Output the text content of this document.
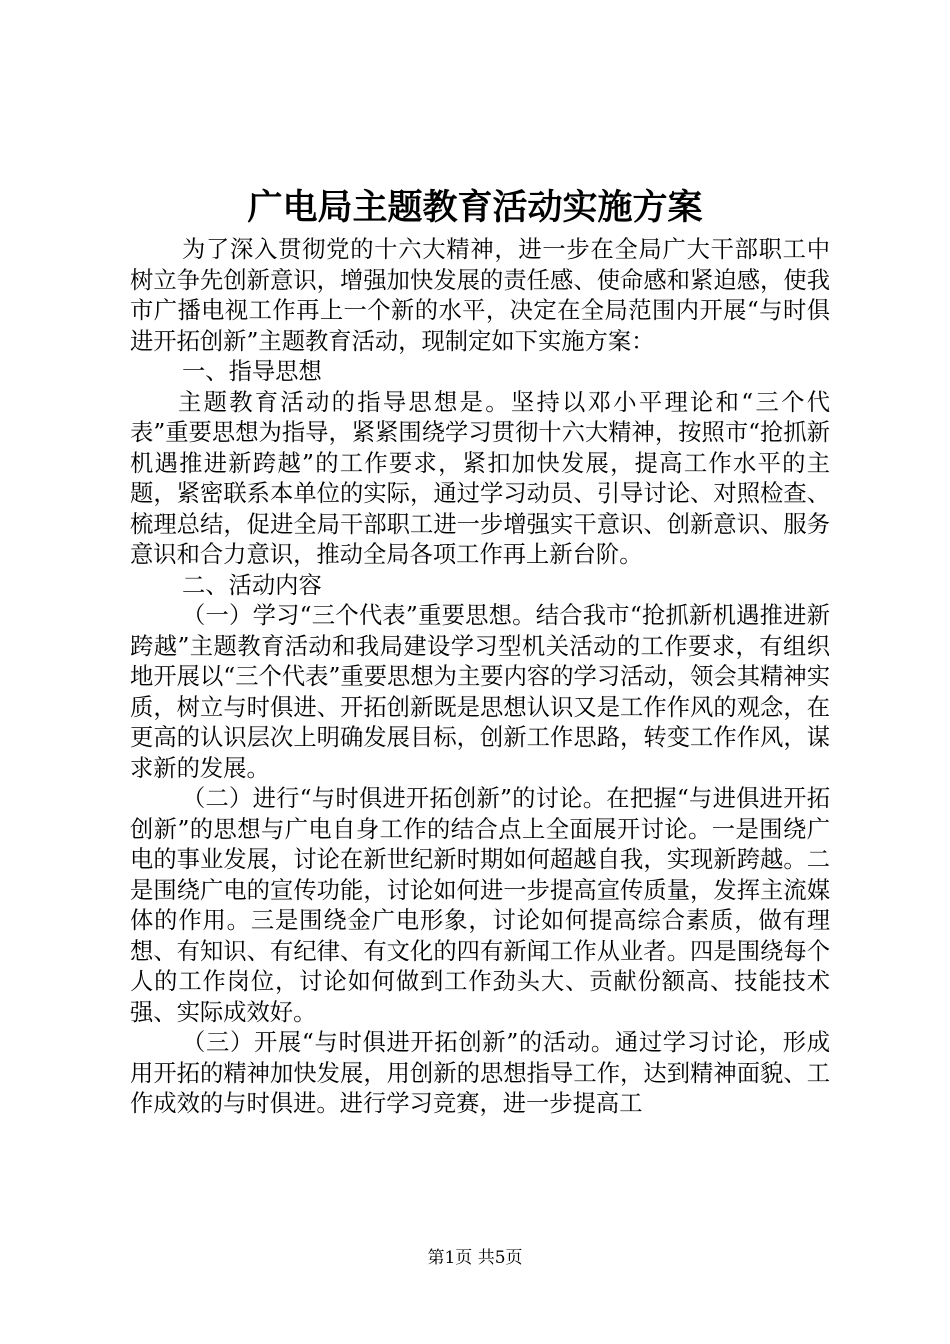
广电局主题教育活动实施方案

为了深入贯彻党的十六大精神，进一步在全局广大干部职工中树立争先创新意识，增强加快发展的责任感、使命感和紧迫感，使我市广播电视工作再上一个新的水平，决定在全局范围内开展“与时俱进开拓创新”主题教育活动，现制定如下实施方案：

一、指导思想

主题教育活动的指导思想是。坚持以邓小平理论和“三个代表”重要思想为指导，紧紧围绕学习贯彻十六大精神，按照市“抢抓新机遇推进新跨越”的工作要求，紧扣加快发展，提高工作水平的主题，紧密联系本单位的实际，通过学习动员、引导讨论、对照检查、梳理总结，促进全局干部职工进一步增强实干意识、创新意识、服务意识和合力意识，推动全局各项工作再上新台阶。

二、活动内容

（一）学习“三个代表”重要思想。结合我市“抢抓新机遇推进新跨越”主题教育活动和我局建设学习型机关活动的工作要求，有组织地开展以“三个代表”重要思想为主要内容的学习活动，领会其精神实质，树立与时俱进、开拓创新既是思想认识又是工作作风的观念，在更高的认识层次上明确发展目标，创新工作思路，转变工作作风，谋求新的发展。

（二）进行“与时俱进开拓创新”的讨论。在把握“与进俱进开拓创新”的思想与广电自身工作的结合点上全面展开讨论。一是围绕广电的事业发展，讨论在新世纪新时期如何超越自我，实现新跨越。二是围绕广电的宣传功能，讨论如何进一步提高宣传质量，发挥主流媒体的作用。三是围绕金广电形象，讨论如何提高综合素质，做有理想、有知识、有纪律、有文化的四有新闻工作从业者。四是围绕每个人的工作岗位，讨论如何做到工作劲头大、贡献份额高、技能技术强、实际成效好。

（三）开展“与时俱进开拓创新”的活动。通过学习讨论，形成用开拓的精神加快发展，用创新的思想指导工作，达到精神面貌、工作成效的与时俱进。进行学习竞赛，进一步提高工

第1页 共5页
